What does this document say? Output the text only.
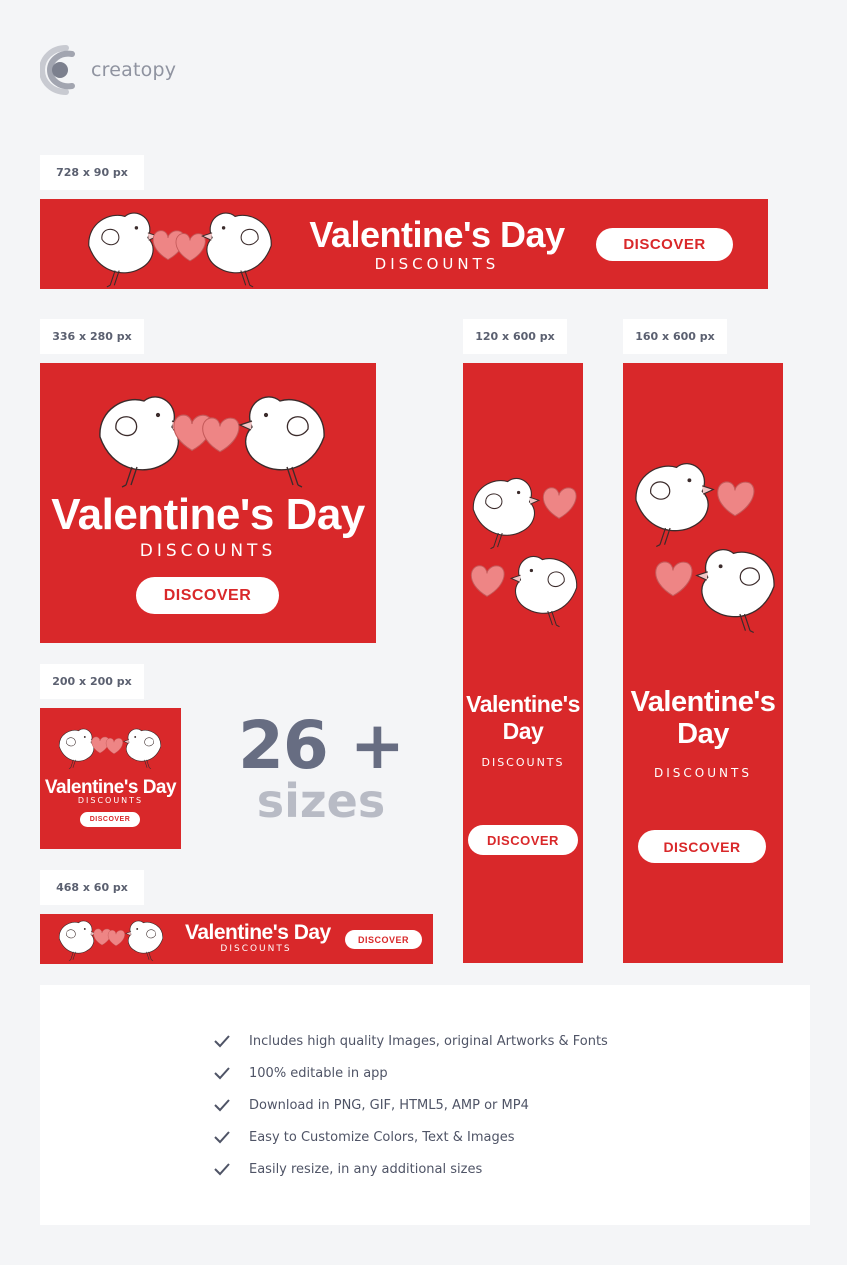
creatopy
728 x 90 px
336 x 280 px	120 x 600 px	160 x 600 px
200 x 200 px
468 x 60 px
Valentine's Day
DISCOUNTS
DISCOVER
Valentine's Day
DISCOUNTS
DISCOVER
Valentine's Day
DISCOUNTS
DISCOVER
26 +
sizes
Valentine's Day
DISCOUNTS
DISCOVER
Valentine's
Day
DISCOUNTS
DISCOVER
Valentine's
Day
DISCOUNTS
DISCOVER
Includes high quality Images, original Artworks & Fonts
100% editable in app
Download in PNG, GIF, HTML5, AMP or MP4
Easy to Customize Colors, Text & Images
Easily resize, in any additional sizes
